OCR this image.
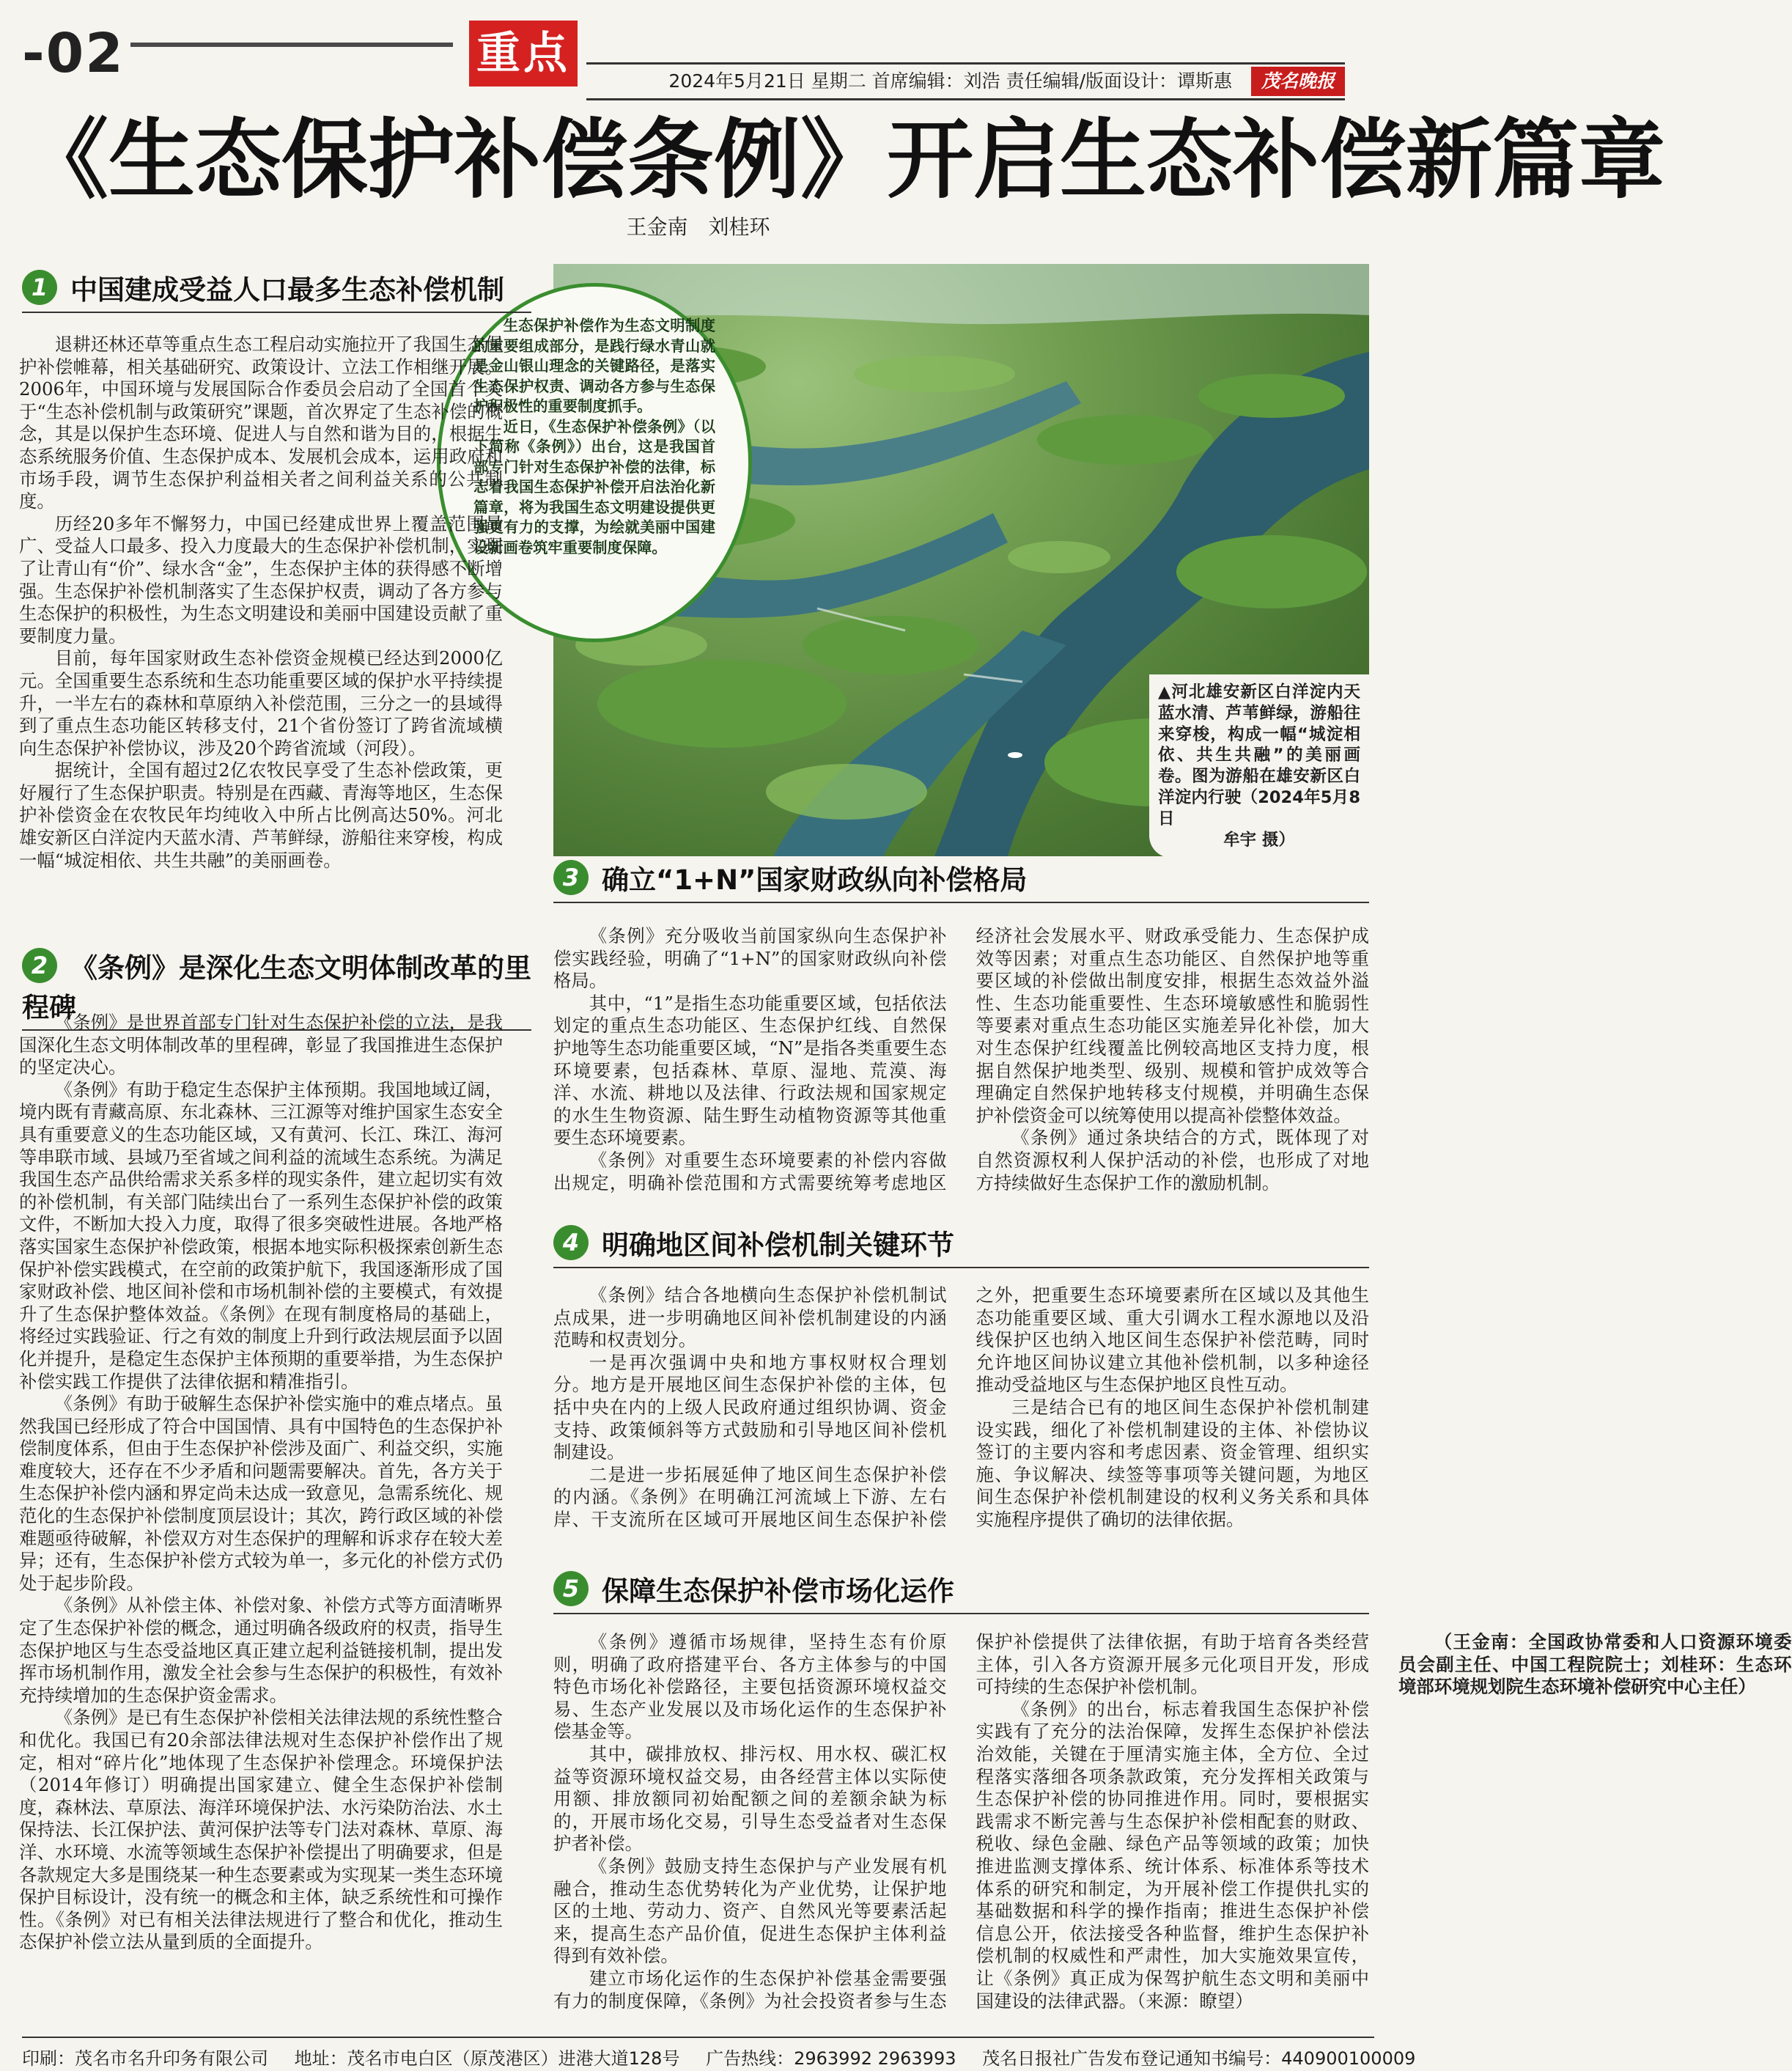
-02	重点
2024年5月21日 星期二 首席编辑：刘浩 责任编辑/版面设计：谭斯惠 茂名晚报
《生态保护补偿条例》开启生态补偿新篇章
王金南　刘桂环

生态保护补偿作为生态文明制度的重要组成部分，是践行绿水青山就是金山银山理念的关键路径，是落实生态保护权责、调动各方参与生态保护积极性的重要制度抓手。

近日，《生态保护补偿条例》（以下简称《条例》）出台，这是我国首部专门针对生态保护补偿的法律，标志着我国生态保护补偿开启法治化新篇章，将为我国生态文明建设提供更强更有力的支撑，为绘就美丽中国建设新画卷筑牢重要制度保障。

▲河北雄安新区白洋淀内天蓝水清、芦苇鲜绿，游船往来穿梭，构成一幅“城淀相依、共生共融”的美丽画卷。图为游船在雄安新区白洋淀内行驶（2024年5月8日
牟宇 摄）
1 中国建成受益人口最多生态补偿机制

退耕还林还草等重点生态工程启动实施拉开了我国生态保护补偿帷幕，相关基础研究、政策设计、立法工作相继开展。2006年，中国环境与发展国际合作委员会启动了全国首个关于“生态补偿机制与政策研究”课题，首次界定了生态补偿的概念，其是以保护生态环境、促进人与自然和谐为目的，根据生态系统服务价值、生态保护成本、发展机会成本，运用政府和市场手段，调节生态保护利益相关者之间利益关系的公共制度。

历经20多年不懈努力，中国已经建成世界上覆盖范围最广、受益人口最多、投入力度最大的生态保护补偿机制，实现了让青山有“价”、绿水含“金”，生态保护主体的获得感不断增强。生态保护补偿机制落实了生态保护权责，调动了各方参与生态保护的积极性，为生态文明建设和美丽中国建设贡献了重要制度力量。

目前，每年国家财政生态补偿资金规模已经达到2000亿元。全国重要生态系统和生态功能重要区域的保护水平持续提升，一半左右的森林和草原纳入补偿范围，三分之一的县域得到了重点生态功能区转移支付，21个省份签订了跨省流域横向生态保护补偿协议，涉及20个跨省流域（河段）。

据统计，全国有超过2亿农牧民享受了生态补偿政策，更好履行了生态保护职责。特别是在西藏、青海等地区，生态保护补偿资金在农牧民年均纯收入中所占比例高达50%。河北雄安新区白洋淀内天蓝水清、芦苇鲜绿，游船往来穿梭，构成一幅“城淀相依、共生共融”的美丽画卷。

2 《条例》是深化生态文明体制改革的里程碑

《条例》是世界首部专门针对生态保护补偿的立法，是我国深化生态文明体制改革的里程碑，彰显了我国推进生态保护的坚定决心。

《条例》有助于稳定生态保护主体预期。我国地域辽阔，境内既有青藏高原、东北森林、三江源等对维护国家生态安全具有重要意义的生态功能区域，又有黄河、长江、珠江、海河等串联市域、县域乃至省域之间利益的流域生态系统。为满足我国生态产品供给需求关系多样的现实条件，建立起切实有效的补偿机制，有关部门陆续出台了一系列生态保护补偿的政策文件，不断加大投入力度，取得了很多突破性进展。各地严格落实国家生态保护补偿政策，根据本地实际积极探索创新生态保护补偿实践模式，在空前的政策护航下，我国逐渐形成了国家财政补偿、地区间补偿和市场机制补偿的主要模式，有效提升了生态保护整体效益。《条例》在现有制度格局的基础上，将经过实践验证、行之有效的制度上升到行政法规层面予以固化并提升，是稳定生态保护主体预期的重要举措，为生态保护补偿实践工作提供了法律依据和精准指引。

《条例》有助于破解生态保护补偿实施中的难点堵点。虽然我国已经形成了符合中国国情、具有中国特色的生态保护补偿制度体系，但由于生态保护补偿涉及面广、利益交织，实施难度较大，还存在不少矛盾和问题需要解决。首先，各方关于生态保护补偿内涵和界定尚未达成一致意见，急需系统化、规范化的生态保护补偿制度顶层设计；其次，跨行政区域的补偿难题亟待破解，补偿双方对生态保护的理解和诉求存在较大差异；还有，生态保护补偿方式较为单一，多元化的补偿方式仍处于起步阶段。

《条例》从补偿主体、补偿对象、补偿方式等方面清晰界定了生态保护补偿的概念，通过明确各级政府的权责，指导生态保护地区与生态受益地区真正建立起利益链接机制，提出发挥市场机制作用，激发全社会参与生态保护的积极性，有效补充持续增加的生态保护资金需求。

《条例》是已有生态保护补偿相关法律法规的系统性整合和优化。我国已有20余部法律法规对生态保护补偿作出了规定，相对“碎片化”地体现了生态保护补偿理念。环境保护法（2014年修订）明确提出国家建立、健全生态保护补偿制度，森林法、草原法、海洋环境保护法、水污染防治法、水土保持法、长江保护法、黄河保护法等专门法对森林、草原、海洋、水环境、水流等领域生态保护补偿提出了明确要求，但是各款规定大多是围绕某一种生态要素或为实现某一类生态环境保护目标设计，没有统一的概念和主体，缺乏系统性和可操作性。《条例》对已有相关法律法规进行了整合和优化，推动生态保护补偿立法从量到质的全面提升。

3 确立“1+N”国家财政纵向补偿格局

《条例》充分吸收当前国家纵向生态保护补偿实践经验，明确了“1+N”的国家财政纵向补偿格局。

其中，“1”是指生态功能重要区域，包括依法划定的重点生态功能区、生态保护红线、自然保护地等生态功能重要区域，“N”是指各类重要生态环境要素，包括森林、草原、湿地、荒漠、海洋、水流、耕地以及法律、行政法规和国家规定的水生生物资源、陆生野生动植物资源等其他重要生态环境要素。

《条例》对重要生态环境要素的补偿内容做出规定，明确补偿范围和方式需要统筹考虑地区经济社会发展水平、财政承受能力、生态保护成效等因素；对重点生态功能区、自然保护地等重要区域的补偿做出制度安排，根据生态效益外溢性、生态功能重要性、生态环境敏感性和脆弱性等要素对重点生态功能区实施差异化补偿，加大对生态保护红线覆盖比例较高地区支持力度，根据自然保护地类型、级别、规模和管护成效等合理确定自然保护地转移支付规模，并明确生态保护补偿资金可以统筹使用以提高补偿整体效益。

《条例》通过条块结合的方式，既体现了对自然资源权利人保护活动的补偿，也形成了对地方持续做好生态保护工作的激励机制。

4 明确地区间补偿机制关键环节

《条例》结合各地横向生态保护补偿机制试点成果，进一步明确地区间补偿机制建设的内涵范畴和权责划分。

一是再次强调中央和地方事权财权合理划分。地方是开展地区间生态保护补偿的主体，包括中央在内的上级人民政府通过组织协调、资金支持、政策倾斜等方式鼓励和引导地区间补偿机制建设。

二是进一步拓展延伸了地区间生态保护补偿的内涵。《条例》在明确江河流域上下游、左右岸、干支流所在区域可开展地区间生态保护补偿之外，把重要生态环境要素所在区域以及其他生态功能重要区域、重大引调水工程水源地以及沿线保护区也纳入地区间生态保护补偿范畴，同时允许地区间协议建立其他补偿机制，以多种途径推动受益地区与生态保护地区良性互动。

三是结合已有的地区间生态保护补偿机制建设实践，细化了补偿机制建设的主体、补偿协议签订的主要内容和考虑因素、资金管理、组织实施、争议解决、续签等事项等关键问题，为地区间生态保护补偿机制建设的权利义务关系和具体实施程序提供了确切的法律依据。

5 保障生态保护补偿市场化运作

《条例》遵循市场规律，坚持生态有价原则，明确了政府搭建平台、各方主体参与的中国特色市场化补偿路径，主要包括资源环境权益交易、生态产业发展以及市场化运作的生态保护补偿基金等。

其中，碳排放权、排污权、用水权、碳汇权益等资源环境权益交易，由各经营主体以实际使用额、排放额同初始配额之间的差额余缺为标的，开展市场化交易，引导生态受益者对生态保护者补偿。

《条例》鼓励支持生态保护与产业发展有机融合，推动生态优势转化为产业优势，让保护地区的土地、劳动力、资产、自然风光等要素活起来，提高生态产品价值，促进生态保护主体利益得到有效补偿。

建立市场化运作的生态保护补偿基金需要强有力的制度保障，《条例》为社会投资者参与生态保护补偿提供了法律依据，有助于培育各类经营主体，引入各方资源开展多元化项目开发，形成可持续的生态保护补偿机制。

《条例》的出台，标志着我国生态保护补偿实践有了充分的法治保障，发挥生态保护补偿法治效能，关键在于厘清实施主体，全方位、全过程落实落细各项条款政策，充分发挥相关政策与生态保护补偿的协同推进作用。同时，要根据实践需求不断完善与生态保护补偿相配套的财政、税收、绿色金融、绿色产品等领域的政策；加快推进监测支撑体系、统计体系、标准体系等技术体系的研究和制定，为开展补偿工作提供扎实的基础数据和科学的操作指南；推进生态保护补偿信息公开，依法接受各种监督，维护生态保护补偿机制的权威性和严肃性，加大实施效果宣传，让《条例》真正成为保驾护航生态文明和美丽中国建设的法律武器。（来源：瞭望）

（王金南：全国政协常委和人口资源环境委员会副主任、中国工程院院士；刘桂环：生态环境部环境规划院生态环境补偿研究中心主任）

印刷：茂名市名升印务有限公司 地址：茂名市电白区（原茂港区）进港大道128号 广告热线：2963992 2963993 茂名日报社广告发布登记通知书编号：440900100009
